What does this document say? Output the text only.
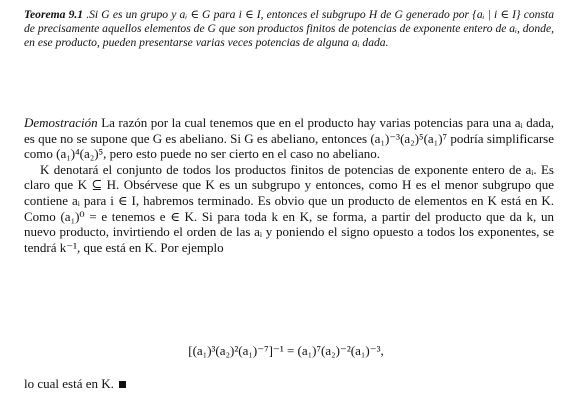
Teorema 9.1 .Si G es un grupo y aᵢ ∈ G para i ∈ I, entonces el subgrupo H de G generado por {aᵢ | i ∈ I} consta de precisamente aquellos elementos de G que son productos finitos de potencias de exponente entero de aᵢ, donde, en ese producto, pueden presentarse varias veces potencias de alguna aᵢ dada.

Demostración La razón por la cual tenemos que en el producto hay varias potencias para una aᵢ dada, es que no se supone que G es abeliano. Si G es abeliano, entonces (a₁)⁻³(a₂)⁵(a₁)⁷ podría simplificarse como (a₁)⁴(a₂)⁵, pero esto puede no ser cierto en el caso no abeliano.

K denotará el conjunto de todos los productos finitos de potencias de exponente entero de aᵢ. Es claro que K ⊆ H. Obsérvese que K es un subgrupo y entonces, como H es el menor subgrupo que contiene aᵢ para i ∈ I, habremos terminado. Es obvio que un producto de elementos en K está en K. Como (a₁)⁰ = e tenemos e ∈ K. Si para toda k en K, se forma, a partir del producto que da k, un nuevo producto, invirtiendo el orden de las aᵢ y poniendo el signo opuesto a todos los exponentes, se tendrá k⁻¹, que está en K. Por ejemplo

[(a₁)³(a₂)²(a₁)⁻⁷]⁻¹ = (a₁)⁷(a₂)⁻²(a₁)⁻³,
lo cual está en K.
